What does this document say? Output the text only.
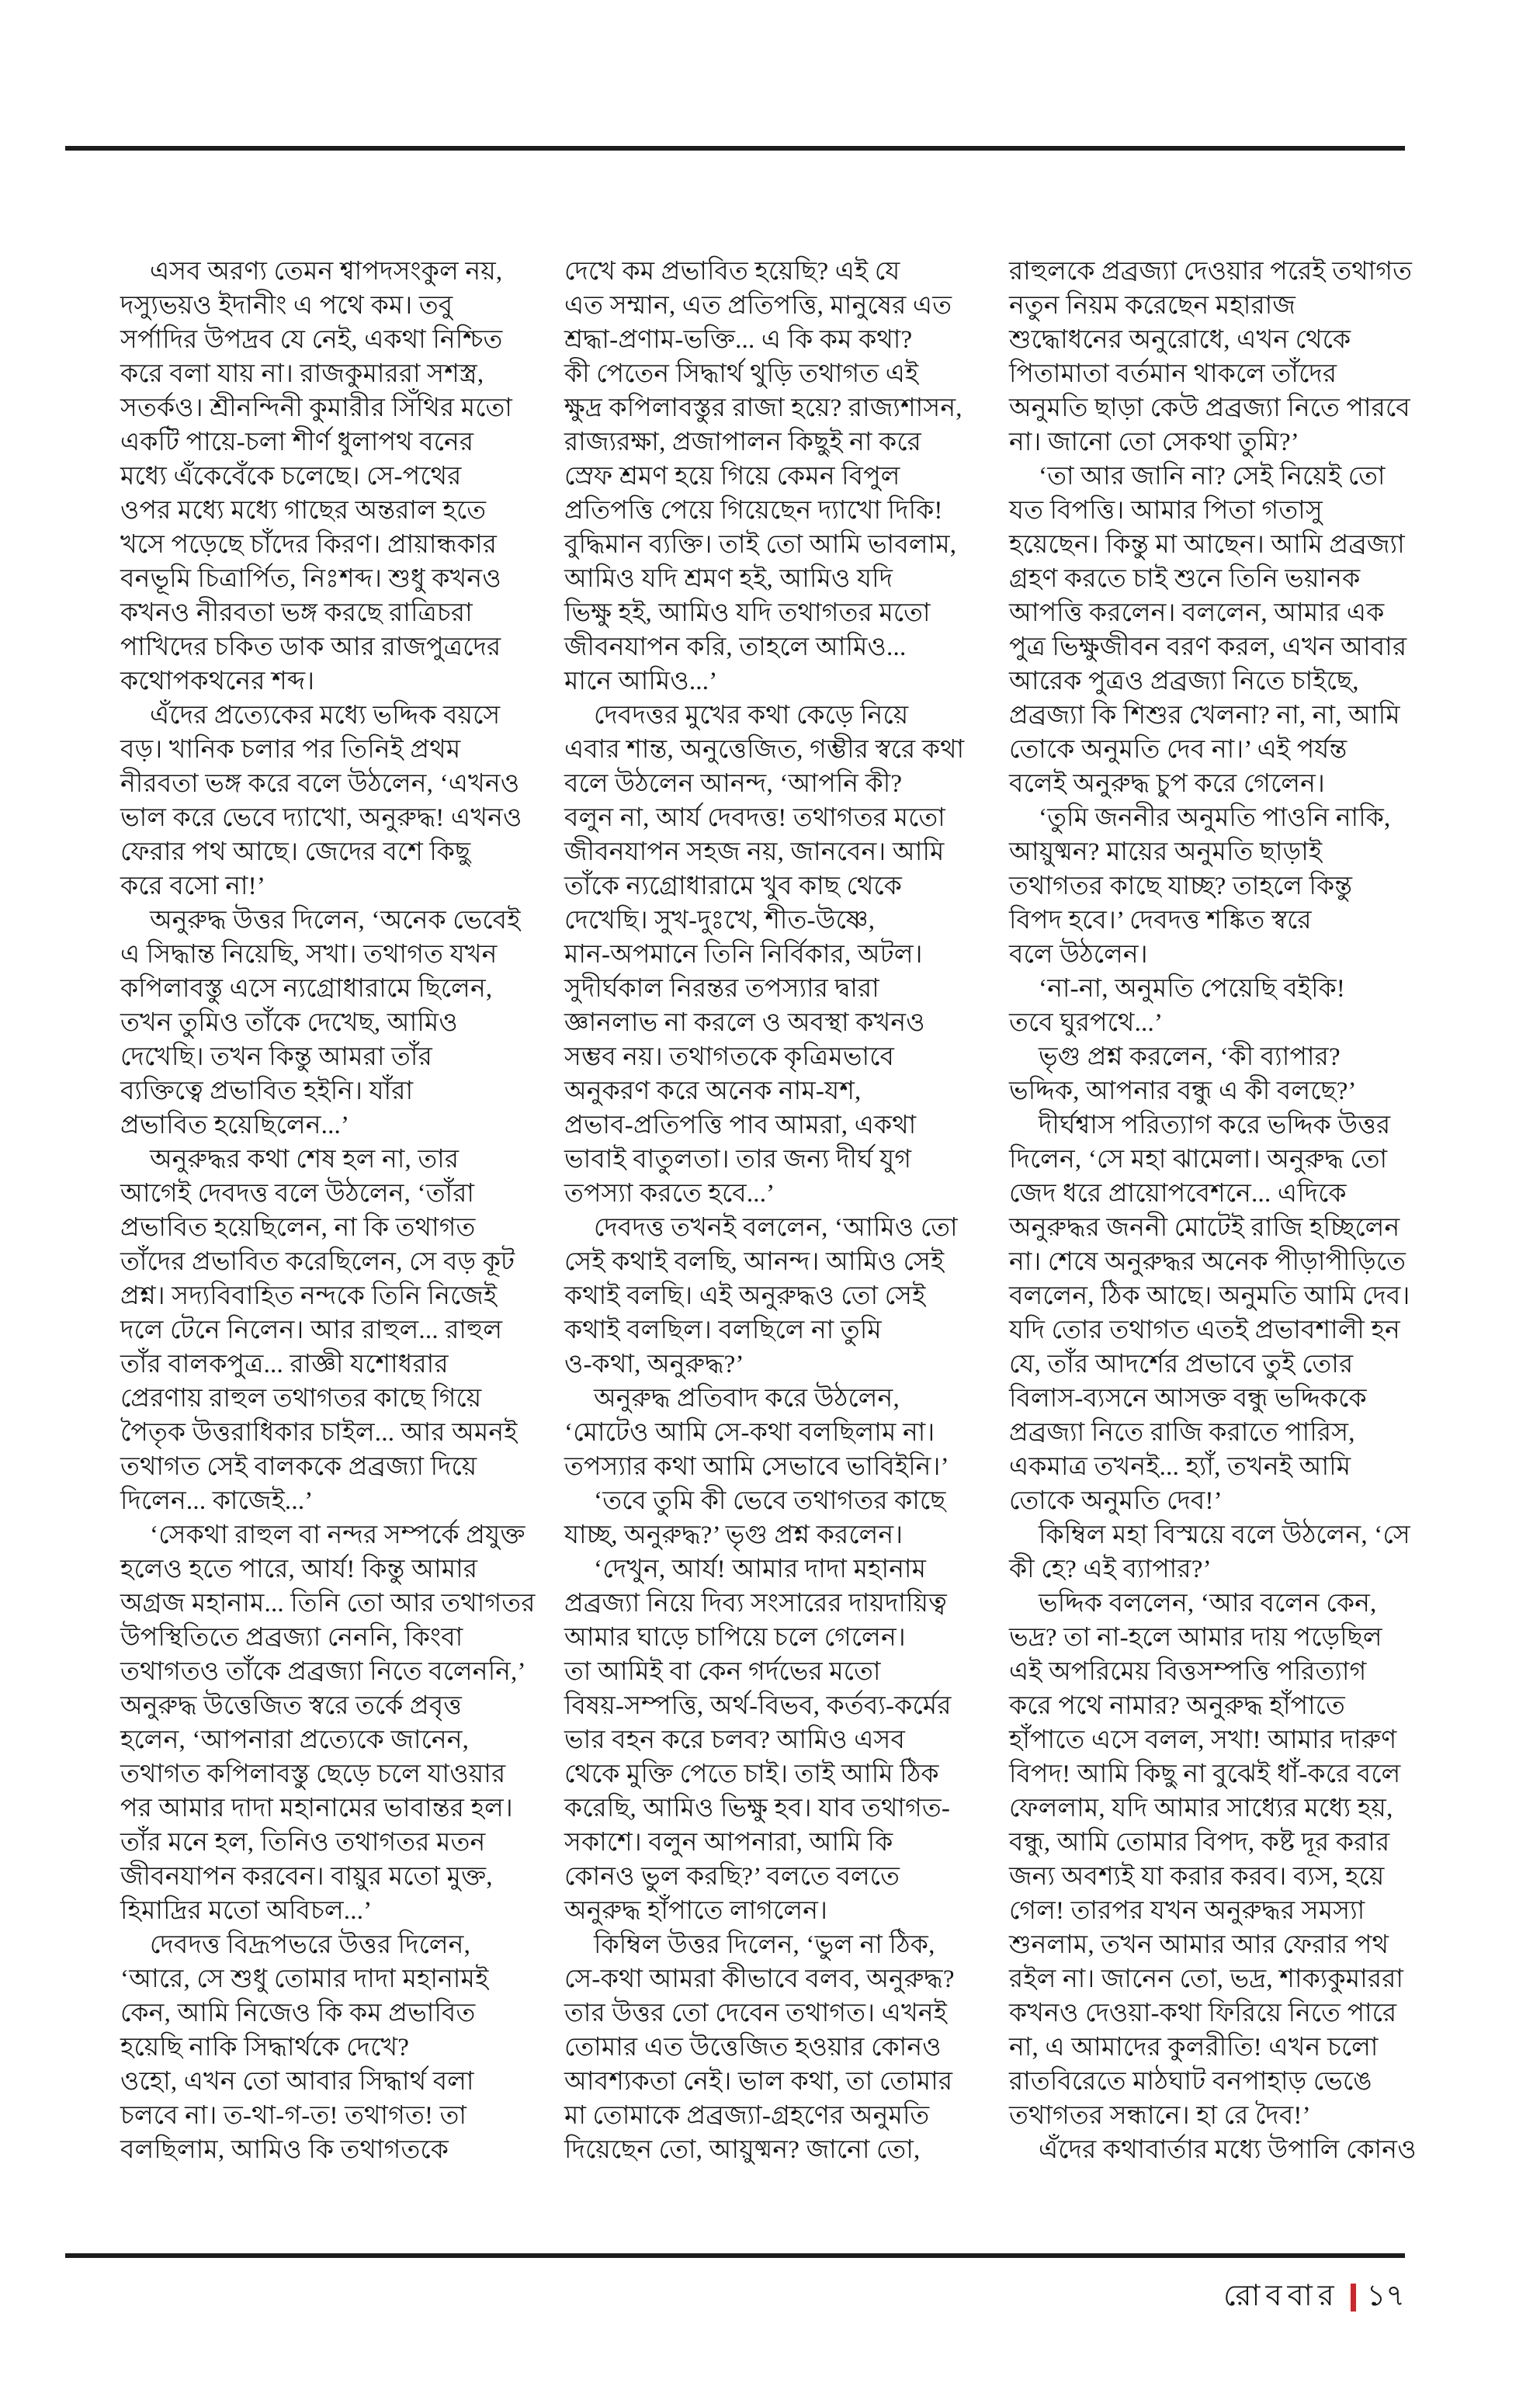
এসব অরণ্য তেমন শ্বাপদসংকুল নয়,
দস্যুভয়ও ইদানীং এ পথে কম। তবু
সর্পাদির উপদ্রব যে নেই, একথা নিশ্চিত
করে বলা যায় না। রাজকুমাররা সশস্ত্র,
সতর্কও। শ্রীনন্দিনী কুমারীর সিঁথির মতো
একটি পায়ে-চলা শীর্ণ ধুলাপথ বনের
মধ্যে এঁকেবেঁকে চলেছে। সে-পথের
ওপর মধ্যে মধ্যে গাছের অন্তরাল হতে
খসে পড়েছে চাঁদের কিরণ। প্রায়ান্ধকার
বনভূমি চিত্রার্পিত, নিঃশব্দ। শুধু কখনও
কখনও নীরবতা ভঙ্গ করছে রাত্রিচরা
পাখিদের চকিত ডাক আর রাজপুত্রদের
কথোপকথনের শব্দ।
এঁদের প্রত্যেকের মধ্যে ভদ্দিক বয়সে
বড়। খানিক চলার পর তিনিই প্রথম
নীরবতা ভঙ্গ করে বলে উঠলেন, ‘এখনও
ভাল করে ভেবে দ্যাখো, অনুরুদ্ধ! এখনও
ফেরার পথ আছে। জেদের বশে কিছু
করে বসো না!’
অনুরুদ্ধ উত্তর দিলেন, ‘অনেক ভেবেই
এ সিদ্ধান্ত নিয়েছি, সখা। তথাগত যখন
কপিলাবস্তু এসে ন্যগ্রোধারামে ছিলেন,
তখন তুমিও তাঁকে দেখেছ, আমিও
দেখেছি। তখন কিন্তু আমরা তাঁর
ব্যক্তিত্বে প্রভাবিত হইনি। যাঁরা
প্রভাবিত হয়েছিলেন...’
অনুরুদ্ধর কথা শেষ হল না, তার
আগেই দেবদত্ত বলে উঠলেন, ‘তাঁরা
প্রভাবিত হয়েছিলেন, না কি তথাগত
তাঁদের প্রভাবিত করেছিলেন, সে বড় কূট
প্রশ্ন। সদ্যবিবাহিত নন্দকে তিনি নিজেই
দলে টেনে নিলেন। আর রাহুল... রাহুল
তাঁর বালকপুত্র... রাজ্ঞী যশোধরার
প্রেরণায় রাহুল তথাগতর কাছে গিয়ে
পৈতৃক উত্তরাধিকার চাইল... আর অমনই
তথাগত সেই বালককে প্রব্রজ্যা দিয়ে
দিলেন... কাজেই...’
‘সেকথা রাহুল বা নন্দর সম্পর্কে প্রযুক্ত
হলেও হতে পারে, আর্য! কিন্তু আমার
অগ্রজ মহানাম... তিনি তো আর তথাগতর
উপস্থিতিতে প্রব্রজ্যা নেননি, কিংবা
তথাগতও তাঁকে প্রব্রজ্যা নিতে বলেননি,’
অনুরুদ্ধ উত্তেজিত স্বরে তর্কে প্রবৃত্ত
হলেন, ‘আপনারা প্রত্যেকে জানেন,
তথাগত কপিলাবস্তু ছেড়ে চলে যাওয়ার
পর আমার দাদা মহানামের ভাবান্তর হল।
তাঁর মনে হল, তিনিও তথাগতর মতন
জীবনযাপন করবেন। বায়ুর মতো মুক্ত,
হিমাদ্রির মতো অবিচল...’
দেবদত্ত বিদ্রূপভরে উত্তর দিলেন,
‘আরে, সে শুধু তোমার দাদা মহানামই
কেন, আমি নিজেও কি কম প্রভাবিত
হয়েছি নাকি সিদ্ধার্থকে দেখে?
ওহো, এখন তো আবার সিদ্ধার্থ বলা
চলবে না। ত-থা-গ-ত! তথাগত! তা
বলছিলাম, আমিও কি তথাগতকে
দেখে কম প্রভাবিত হয়েছি? এই যে
এত সম্মান, এত প্রতিপত্তি, মানুষের এত
শ্রদ্ধা-প্রণাম-ভক্তি... এ কি কম কথা?
কী পেতেন সিদ্ধার্থ থুড়ি তথাগত এই
ক্ষুদ্র কপিলাবস্তুর রাজা হয়ে? রাজ্যশাসন,
রাজ্যরক্ষা, প্রজাপালন কিছুই না করে
স্রেফ শ্রমণ হয়ে গিয়ে কেমন বিপুল
প্রতিপত্তি পেয়ে গিয়েছেন দ্যাখো দিকি!
বুদ্ধিমান ব্যক্তি। তাই তো আমি ভাবলাম,
আমিও যদি শ্রমণ হই, আমিও যদি
ভিক্ষু হই, আমিও যদি তথাগতর মতো
জীবনযাপন করি, তাহলে আমিও...
মানে আমিও...’
দেবদত্তর মুখের কথা কেড়ে নিয়ে
এবার শান্ত, অনুত্তেজিত, গম্ভীর স্বরে কথা
বলে উঠলেন আনন্দ, ‘আপনি কী?
বলুন না, আর্য দেবদত্ত! তথাগতর মতো
জীবনযাপন সহজ নয়, জানবেন। আমি
তাঁকে ন্যগ্রোধারামে খুব কাছ থেকে
দেখেছি। সুখ-দুঃখে, শীত-উষ্ণে,
মান-অপমানে তিনি নির্বিকার, অটল।
সুদীর্ঘকাল নিরন্তর তপস্যার দ্বারা
জ্ঞানলাভ না করলে ও অবস্থা কখনও
সম্ভব নয়। তথাগতকে কৃত্রিমভাবে
অনুকরণ করে অনেক নাম-যশ,
প্রভাব-প্রতিপত্তি পাব আমরা, একথা
ভাবাই বাতুলতা। তার জন্য দীর্ঘ যুগ
তপস্যা করতে হবে...’
দেবদত্ত তখনই বললেন, ‘আমিও তো
সেই কথাই বলছি, আনন্দ। আমিও সেই
কথাই বলছি। এই অনুরুদ্ধও তো সেই
কথাই বলছিল। বলছিলে না তুমি
ও-কথা, অনুরুদ্ধ?’
অনুরুদ্ধ প্রতিবাদ করে উঠলেন,
‘মোটেও আমি সে-কথা বলছিলাম না।
তপস্যার কথা আমি সেভাবে ভাবিইনি।’
‘তবে তুমি কী ভেবে তথাগতর কাছে
যাচ্ছ, অনুরুদ্ধ?’ ভৃগু প্রশ্ন করলেন।
‘দেখুন, আর্য! আমার দাদা মহানাম
প্রব্রজ্যা নিয়ে দিব্য সংসারের দায়দায়িত্ব
আমার ঘাড়ে চাপিয়ে চলে গেলেন।
তা আমিই বা কেন গর্দভের মতো
বিষয়-সম্পত্তি, অর্থ-বিভব, কর্তব্য-কর্মের
ভার বহন করে চলব? আমিও এসব
থেকে মুক্তি পেতে চাই। তাই আমি ঠিক
করেছি, আমিও ভিক্ষু হব। যাব তথাগত-
সকাশে। বলুন আপনারা, আমি কি
কোনও ভুল করছি?’ বলতে বলতে
অনুরুদ্ধ হাঁপাতে লাগলেন।
কিম্বিল উত্তর দিলেন, ‘ভুল না ঠিক,
সে-কথা আমরা কীভাবে বলব, অনুরুদ্ধ?
তার উত্তর তো দেবেন তথাগত। এখনই
তোমার এত উত্তেজিত হওয়ার কোনও
আবশ্যকতা নেই। ভাল কথা, তা তোমার
মা তোমাকে প্রব্রজ্যা-গ্রহণের অনুমতি
দিয়েছেন তো, আয়ুষ্মন? জানো তো,
রাহুলকে প্রব্রজ্যা দেওয়ার পরেই তথাগত
নতুন নিয়ম করেছেন মহারাজ
শুদ্ধোধনের অনুরোধে, এখন থেকে
পিতামাতা বর্তমান থাকলে তাঁদের
অনুমতি ছাড়া কেউ প্রব্রজ্যা নিতে পারবে
না। জানো তো সেকথা তুমি?’
‘তা আর জানি না? সেই নিয়েই তো
যত বিপত্তি। আমার পিতা গতাসু
হয়েছেন। কিন্তু মা আছেন। আমি প্রব্রজ্যা
গ্রহণ করতে চাই শুনে তিনি ভয়ানক
আপত্তি করলেন। বললেন, আমার এক
পুত্র ভিক্ষুজীবন বরণ করল, এখন আবার
আরেক পুত্রও প্রব্রজ্যা নিতে চাইছে,
প্রব্রজ্যা কি শিশুর খেলনা? না, না, আমি
তোকে অনুমতি দেব না।’ এই পর্যন্ত
বলেই অনুরুদ্ধ চুপ করে গেলেন।
‘তুমি জননীর অনুমতি পাওনি নাকি,
আয়ুষ্মন? মায়ের অনুমতি ছাড়াই
তথাগতর কাছে যাচ্ছ? তাহলে কিন্তু
বিপদ হবে।’ দেবদত্ত শঙ্কিত স্বরে
বলে উঠলেন।
‘না-না, অনুমতি পেয়েছি বইকি!
তবে ঘুরপথে...’
ভৃগু প্রশ্ন করলেন, ‘কী ব্যাপার?
ভদ্দিক, আপনার বন্ধু এ কী বলছে?’
দীর্ঘশ্বাস পরিত্যাগ করে ভদ্দিক উত্তর
দিলেন, ‘সে মহা ঝামেলা। অনুরুদ্ধ তো
জেদ ধরে প্রায়োপবেশনে... এদিকে
অনুরুদ্ধর জননী মোটেই রাজি হচ্ছিলেন
না। শেষে অনুরুদ্ধর অনেক পীড়াপীড়িতে
বললেন, ঠিক আছে। অনুমতি আমি দেব।
যদি তোর তথাগত এতই প্রভাবশালী হন
যে, তাঁর আদর্শের প্রভাবে তুই তোর
বিলাস-ব্যসনে আসক্ত বন্ধু ভদ্দিককে
প্রব্রজ্যা নিতে রাজি করাতে পারিস,
একমাত্র তখনই... হ্যাঁ, তখনই আমি
তোকে অনুমতি দেব!’
কিম্বিল মহা বিস্ময়ে বলে উঠলেন, ‘সে
কী হে? এই ব্যাপার?’
ভদ্দিক বললেন, ‘আর বলেন কেন,
ভদ্র? তা না-হলে আমার দায় পড়েছিল
এই অপরিমেয় বিত্তসম্পত্তি পরিত্যাগ
করে পথে নামার? অনুরুদ্ধ হাঁপাতে
হাঁপাতে এসে বলল, সখা! আমার দারুণ
বিপদ! আমি কিছু না বুঝেই ধাঁ-করে বলে
ফেললাম, যদি আমার সাধ্যের মধ্যে হয়,
বন্ধু, আমি তোমার বিপদ, কষ্ট দূর করার
জন্য অবশ্যই যা করার করব। ব্যস, হয়ে
গেল! তারপর যখন অনুরুদ্ধর সমস্যা
শুনলাম, তখন আমার আর ফেরার পথ
রইল না। জানেন তো, ভদ্র, শাক্যকুমাররা
কখনও দেওয়া-কথা ফিরিয়ে নিতে পারে
না, এ আমাদের কুলরীতি! এখন চলো
রাতবিরেতে মাঠঘাট বনপাহাড় ভেঙে
তথাগতর সন্ধানে। হা রে দৈব!’
এঁদের কথাবার্তার মধ্যে উপালি কোনও
রোববার ১৭
